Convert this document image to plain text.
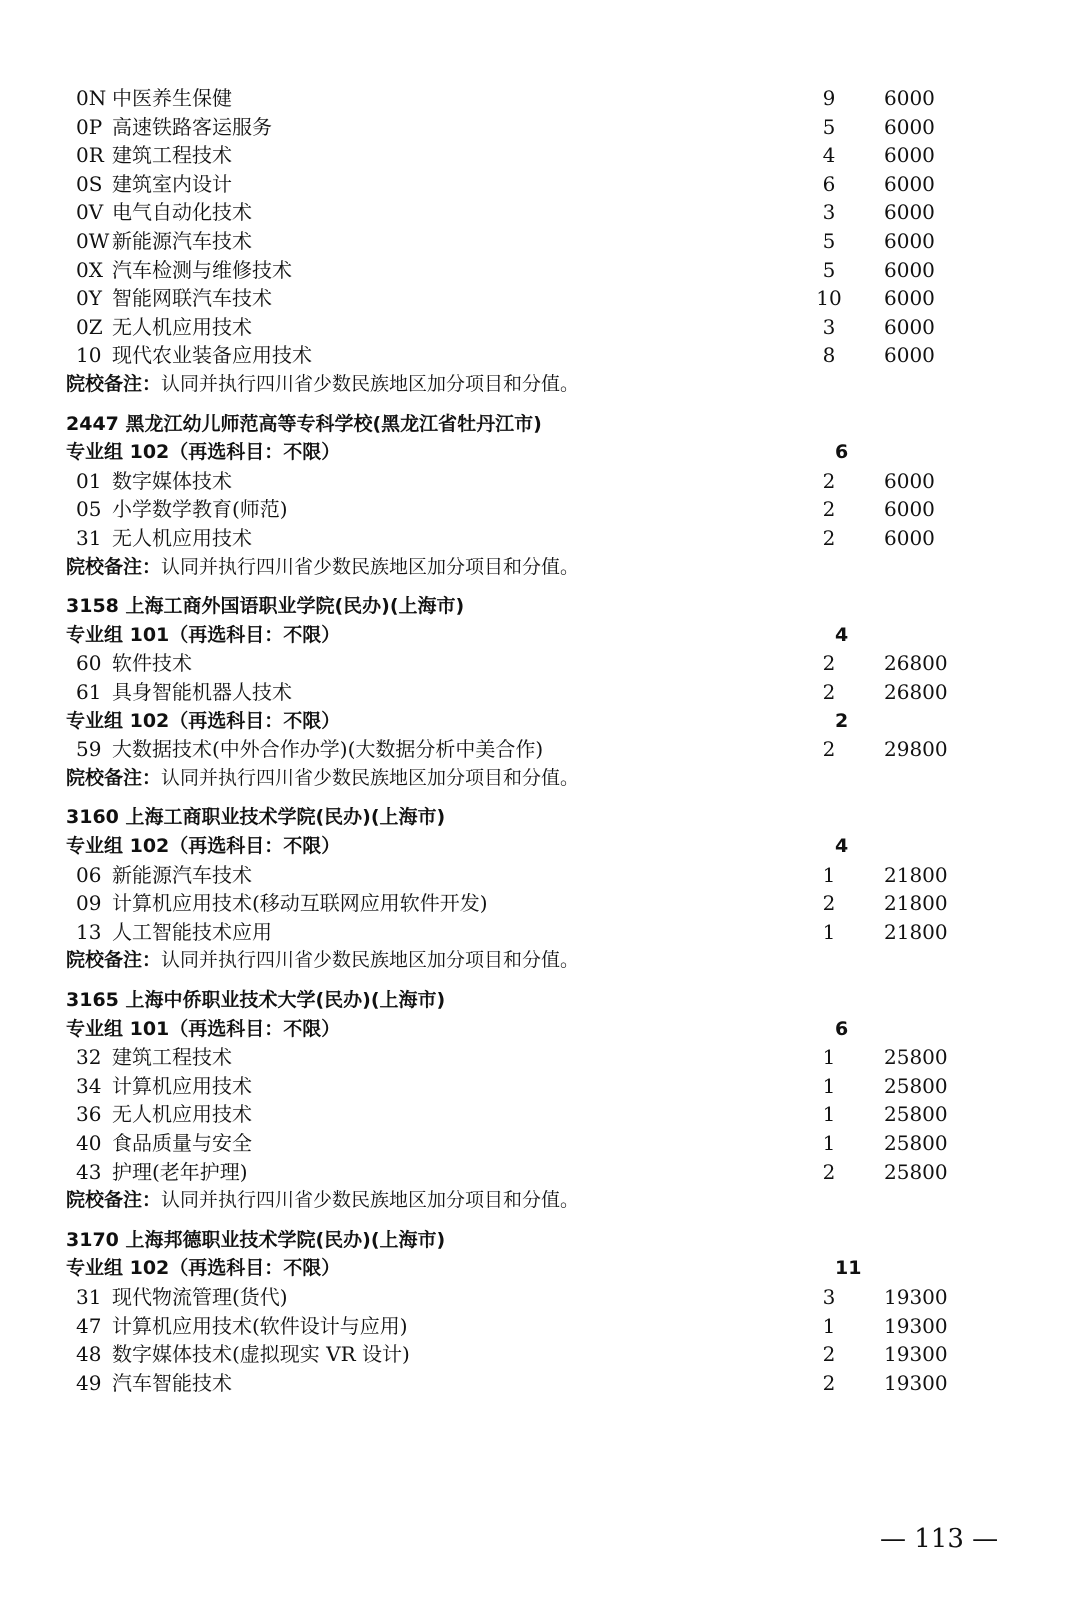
0N 中医养生保健	9	6000
0P 高速铁路客运服务	5	6000
0R 建筑工程技术	4	6000
0S 建筑室内设计	6	6000
0V 电气自动化技术	3	6000
0W 新能源汽车技术	5	6000
0X 汽车检测与维修技术	5	6000
0Y 智能网联汽车技术	10	6000
0Z 无人机应用技术	3	6000
10 现代农业装备应用技术	8	6000
院校备注：认同并执行四川省少数民族地区加分项目和分值。
2447 黑龙江幼儿师范高等专科学校(黑龙江省牡丹江市)
专业组 102（再选科目：不限）	6
01 数字媒体技术	2	6000
05 小学数学教育(师范)	2	6000
31 无人机应用技术	2	6000
院校备注：认同并执行四川省少数民族地区加分项目和分值。
3158 上海工商外国语职业学院(民办)(上海市)
专业组 101（再选科目：不限）	4
60 软件技术	2	26800
61 具身智能机器人技术	2	26800
专业组 102（再选科目：不限）	2
59 大数据技术(中外合作办学)(大数据分析中美合作)	2	29800
院校备注：认同并执行四川省少数民族地区加分项目和分值。
3160 上海工商职业技术学院(民办)(上海市)
专业组 102（再选科目：不限）	4
06 新能源汽车技术	1	21800
09 计算机应用技术(移动互联网应用软件开发)	2	21800
13 人工智能技术应用	1	21800
院校备注：认同并执行四川省少数民族地区加分项目和分值。
3165 上海中侨职业技术大学(民办)(上海市)
专业组 101（再选科目：不限）	6
32 建筑工程技术	1	25800
34 计算机应用技术	1	25800
36 无人机应用技术	1	25800
40 食品质量与安全	1	25800
43 护理(老年护理)	2	25800
院校备注：认同并执行四川省少数民族地区加分项目和分值。
3170 上海邦德职业技术学院(民办)(上海市)
专业组 102（再选科目：不限）	11
31 现代物流管理(货代)	3	19300
47 计算机应用技术(软件设计与应用)	1	19300
48 数字媒体技术(虚拟现实 VR 设计)	2	19300
49 汽车智能技术	2	19300
— 113 —
